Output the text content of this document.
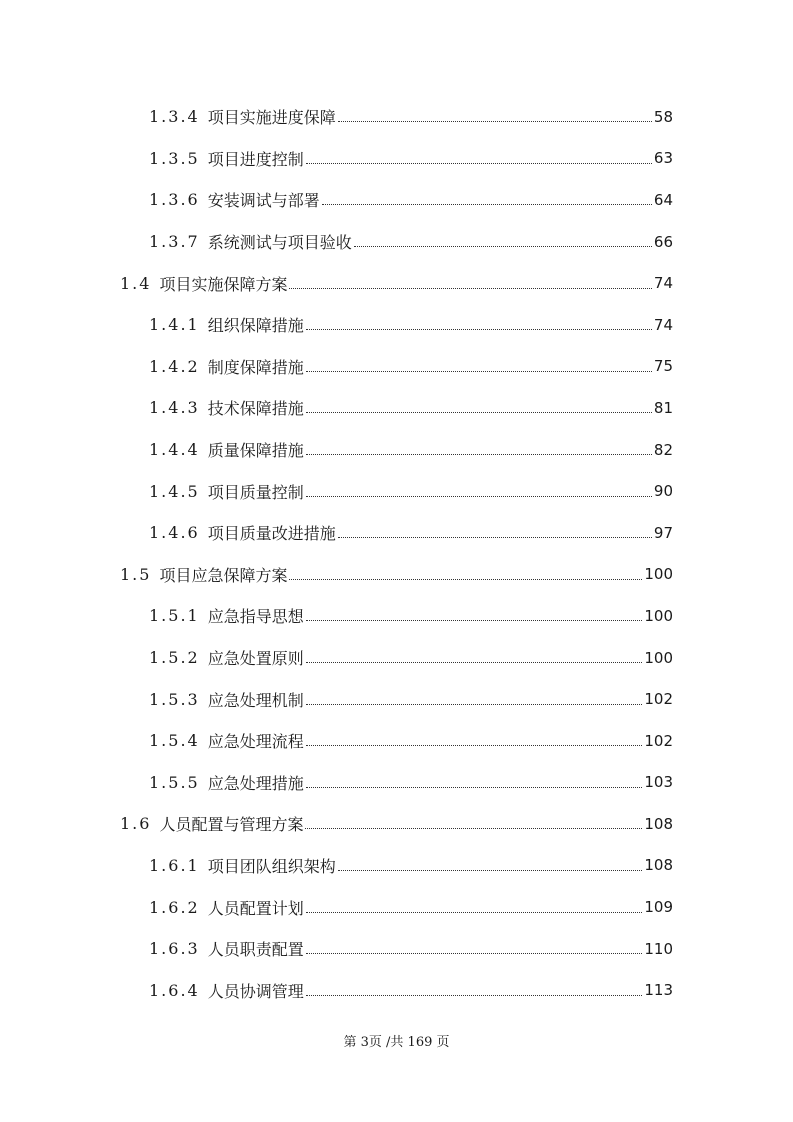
1.3.4 项目实施进度保障	58
1.3.5 项目进度控制	63
1.3.6 安装调试与部署	64
1.3.7 系统测试与项目验收	66
1.4 项目实施保障方案	74
1.4.1 组织保障措施	74
1.4.2 制度保障措施	75
1.4.3 技术保障措施	81
1.4.4 质量保障措施	82
1.4.5 项目质量控制	90
1.4.6 项目质量改进措施	97
1.5 项目应急保障方案	100
1.5.1 应急指导思想	100
1.5.2 应急处置原则	100
1.5.3 应急处理机制	102
1.5.4 应急处理流程	102
1.5.5 应急处理措施	103
1.6 人员配置与管理方案	108
1.6.1 项目团队组织架构	108
1.6.2 人员配置计划	109
1.6.3 人员职责配置	110
1.6.4 人员协调管理	113
第 3页 /共 169 页
